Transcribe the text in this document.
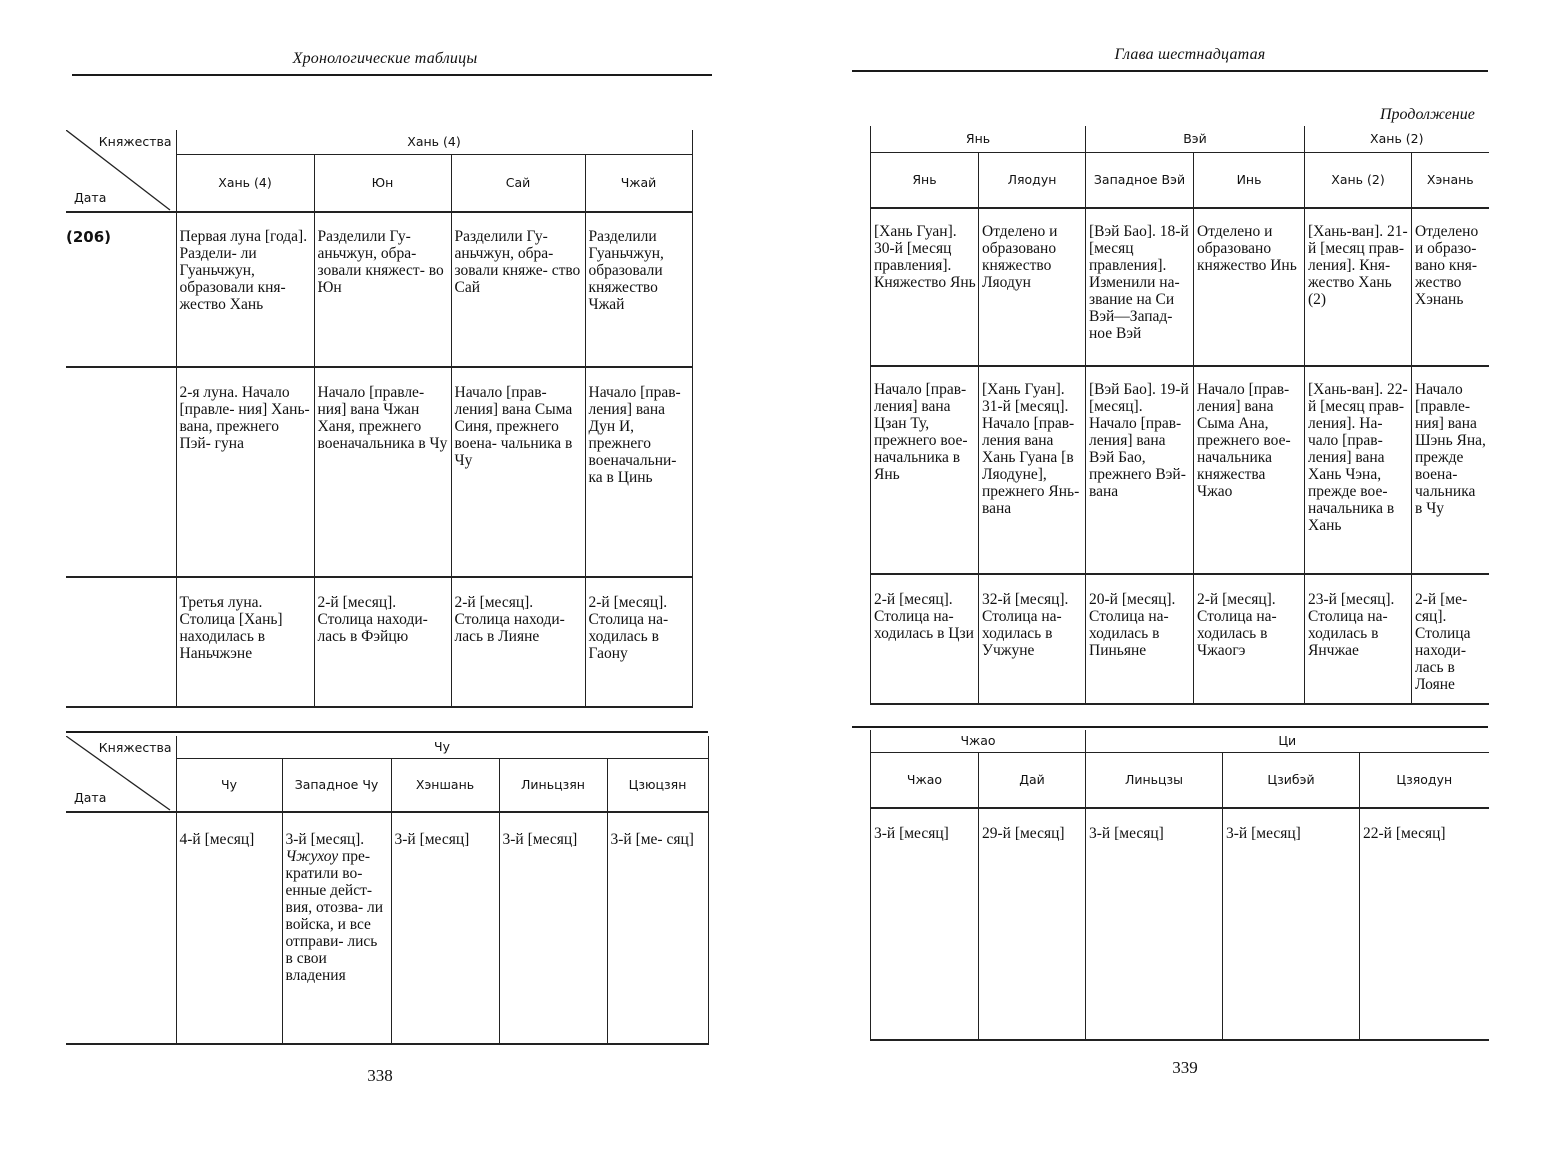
Хронологические таблицы
Княжества
Дата	Хань (4)			
	Хань (4)	Юн	Сай	Чжай
(206)	Первая луна [года]. Раздели- ли Гуаньчжун, образовали кня- жество Хань	Разделили Гу- аньчжун, обра- зовали княжест- во Юн	Разделили Гу- аньчжун, обра- зовали княже- ство Сай	Разделили Гуаньчжун, образовали княжество Чжай
	2-я луна. Начало [правле- ния] Хань-вана, прежнего Пэй- гуна	Начало [правле- ния] вана Чжан Ханя, прежнего военачальника в Чу	Начало [прав- ления] вана Сыма Синя, прежнего воена- чальника в Чу	Начало [прав- ления] вана Дун И, прежнего военачальни- ка в Цинь
	Третья луна. Столица [Хань] находилась в Наньчжэне	2-й [месяц]. Столица находи- лась в Фэйцю	2-й [месяц]. Столица находи- лась в Лияне	2-й [месяц]. Столица на- ходилась в Гаону
Княжества
Дата	Чу				
	Чу	Западное Чу	Хэншань	Линьцзян	Цзюцзян
	4-й [месяц]	3-й [месяц]. Чжухоу пре- кратили во- енные дейст- вия, отозва- ли войска, и все отправи- лись в свои владения	3-й [месяц]	3-й [месяц]	3-й [ме- сяц]
338
Глава шестнадцатая
Продолжение
Янь		Вэй		Хань (2)	
Янь	Ляодун	Западное Вэй	Инь	Хань (2)	Хэнань
[Хань Гуан]. 30-й [месяц правления]. Княжество Янь	Отделено и образовано княжество Ляодун	[Вэй Бао]. 18-й [месяц правления]. Изменили на- звание на Си Вэй—Запад- ное Вэй	Отделено и образовано княжество Инь	[Хань-ван]. 21-й [месяц прав- ления]. Кня- жество Хань (2)	Отделено и образо- вано кня- жество Хэнань
Начало [прав- ления] вана Цзан Ту, прежнего вое- начальника в Янь	[Хань Гуан]. 31-й [месяц]. Начало [прав- ления вана Хань Гуана [в Ляодуне], прежнего Янь-вана	[Вэй Бао]. 19-й [месяц]. Начало [прав- ления] вана Вэй Бао, прежнего Вэй-вана	Начало [прав- ления] вана Сыма Ана, прежнего вое- начальника княжества Чжао	[Хань-ван]. 22-й [месяц прав- ления]. На- чало [прав- ления] вана Хань Чэна, прежде вое- начальника в Хань	Начало [правле- ния] вана Шэнь Яна, прежде воена- чальника в Чу
2-й [месяц]. Столица на- ходилась в Цзи	32-й [месяц]. Столица на- ходилась в Учжуне	20-й [месяц]. Столица на- ходилась в Пиньяне	2-й [месяц]. Столица на- ходилась в Чжаогэ	23-й [месяц]. Столица на- ходилась в Янчжае	2-й [ме- сяц]. Столица находи- лась в Лояне
Чжао		Ци		
Чжао	Дай	Линьцзы	Цзибэй	Цзяодун
3-й [месяц]	29-й [месяц]	3-й [месяц]	3-й [месяц]	22-й [месяц]
339
